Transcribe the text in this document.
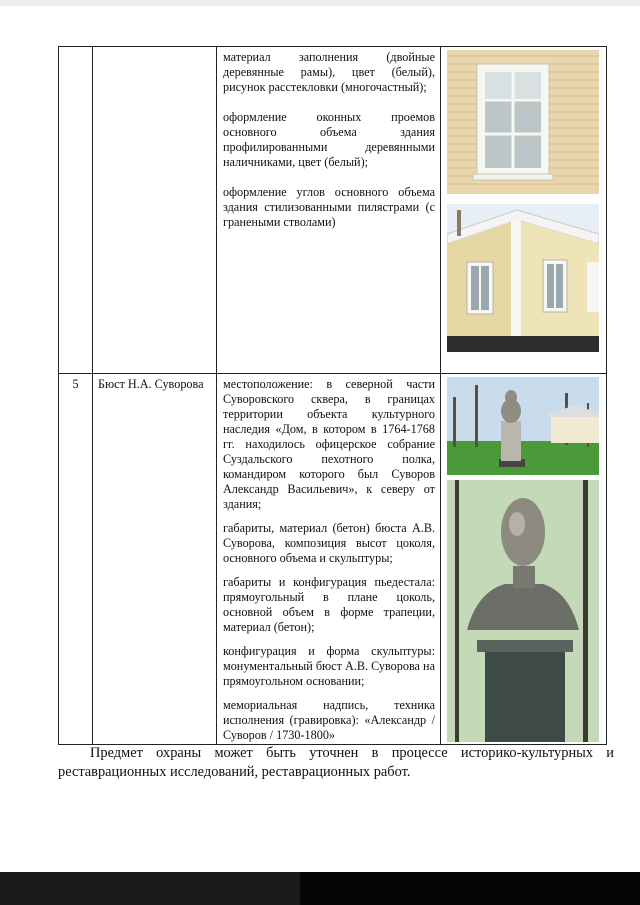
		материал заполнения (двойные деревянные рамы), цвет (белый), рисунок расстекловки (многочастный);

оформление оконных проемов основного объема здания профилированными деревянными наличниками, цвет (белый);

оформление углов основного объема здания стилизованными пилястрами (с гранеными стволами)

5	Бюст Н.А. Суворова	местоположение: в северной части Суворовского сквера, в границах территории объекта культурного наследия «Дом, в котором в 1764-1768 гг. находилось офицерское собрание Суздальского пехотного полка, командиром которого был Суворов Александр Васильевич», к северу от здания;

габариты, материал (бетон) бюста А.В. Суворова, композиция высот цоколя, основного объема и скульптуры;

габариты и конфигурация пьедестала: прямоугольный в плане цоколь, основной объем в форме трапеции, материал (бетон);

конфигурация и форма скульптуры: монументальный бюст А.В. Суворова на прямоугольном основании;

мемориальная надпись, техника исполнения (гравировка): «Александр / Суворов / 1730-1800»

Предмет охраны может быть уточнен в процессе историко-культурных и реставрационных исследований, реставрационных работ.
